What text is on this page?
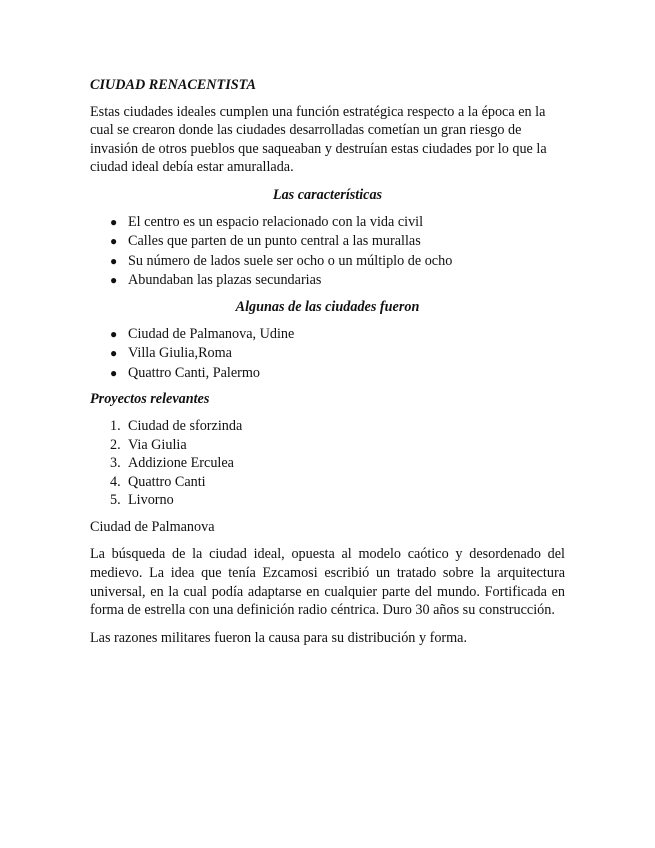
CIUDAD RENACENTISTA

Estas ciudades ideales cumplen una función estratégica respecto a la época en la cual se crearon donde las ciudades desarrolladas cometían un gran riesgo de invasión de otros pueblos que saqueaban y destruían estas ciudades por lo que la ciudad ideal debía estar amurallada.

Las características
● El centro es un espacio relacionado con la vida civil
● Calles que parten de un punto central a las murallas
● Su número de lados suele ser ocho o un múltiplo de ocho
● Abundaban las plazas secundarias
Algunas de las ciudades fueron
● Ciudad de Palmanova, Udine
● Villa Giulia,Roma
● Quattro Canti, Palermo
Proyectos relevantes
1. Ciudad de sforzinda
2. Via Giulia
3. Addizione Erculea
4. Quattro Canti
5. Livorno
Ciudad de Palmanova

La búsqueda de la ciudad ideal, opuesta al modelo caótico y desordenado del medievo. La idea que tenía Ezcamosi escribió un tratado sobre la arquitectura universal, en la cual podía adaptarse en cualquier parte del mundo. Fortificada en forma de estrella con una definición radio céntrica. Duro 30 años su construcción.

Las razones militares fueron la causa para su distribución y forma.
